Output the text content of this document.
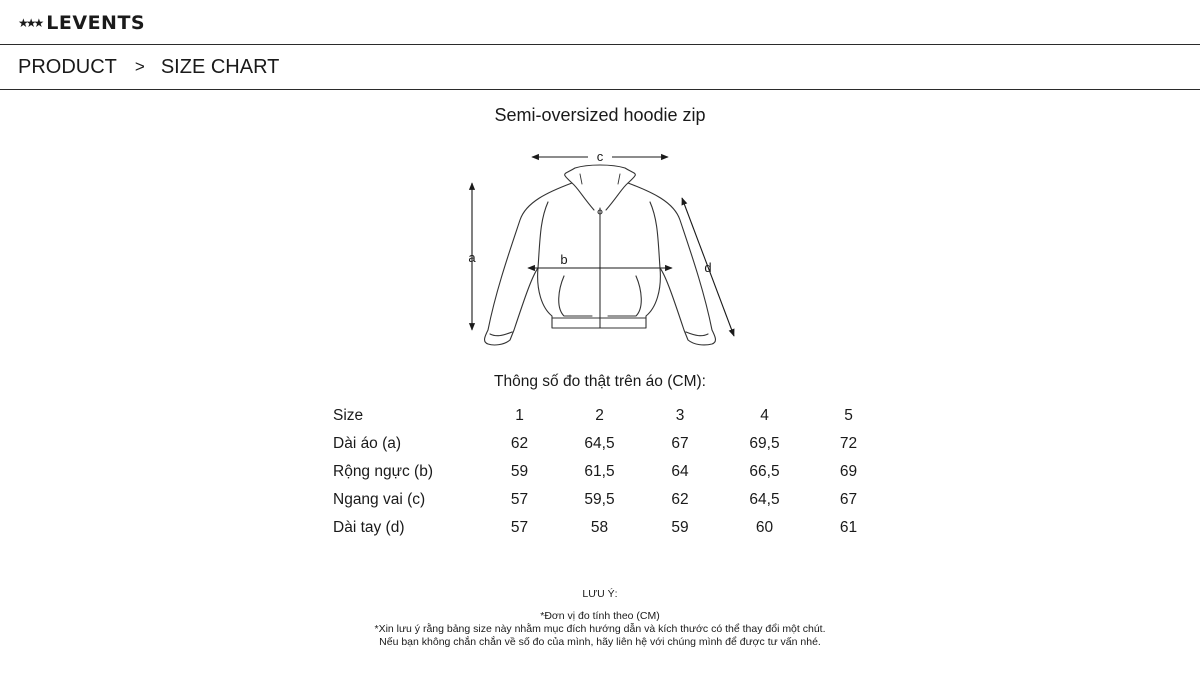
★★★ LEVENTS
PRODUCT > SIZE CHART
Semi-oversized hoodie zip
c
a	b
d
Thông số đo thật trên áo (CM):
Size	1	2	3	4	5
Dài áo (a)	62	64,5	67	69,5	72
Rộng ngực (b)	59	61,5	64	66,5	69
Ngang vai (c)	57	59,5	62	64,5	67
Dài tay (d)	57	58	59	60	61
LƯU Ý:
*Đơn vị đo tính theo (CM)
*Xin lưu ý rằng bảng size này nhằm mục đích hướng dẫn và kích thước có thể thay đổi một chút.
Nếu bạn không chắn chắn về số đo của mình, hãy liên hệ với chúng mình để được tư vấn nhé.
